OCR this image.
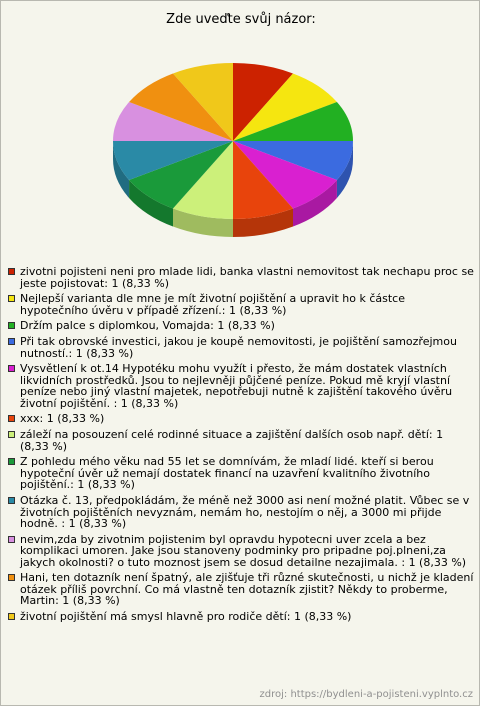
Zde uveďte svůj názor:
zivotni pojisteni neni pro mlade lidi, banka vlastni nemovitost tak nechapu proc se jeste pojistovat: 1 (8,33 %)
Nejlepší varianta dle mne je mít životní pojištění a upravit ho k částce hypotečního úvěru v případě zřízení.: 1 (8,33 %)
Držím palce s diplomkou, Vomajda: 1 (8,33 %)
Při tak obrovské investici, jakou je koupě nemovitosti, je pojištění samozřejmou nutností.: 1 (8,33 %)
Vysvětlení k ot.14 Hypotéku mohu využít i přesto, že mám dostatek vlastních likvidních prostředků. Jsou to nejlevněji půjčené peníze. Pokud mě kryjí vlastní peníze nebo jiný vlastní majetek, nepotřebuji nutně k zajištění takového úvěru životní pojištění. : 1 (8,33 %)
xxx: 1 (8,33 %)
záleží na posouzení celé rodinné situace a zajištění dalších osob např. dětí: 1 (8,33 %)
Z pohledu mého věku nad 55 let se domnívám, že mladí lidé. kteří si berou hypoteční úvěr už nemají dostatek financí na uzavření kvalitního životního pojištění.: 1 (8,33 %)
Otázka č. 13, předpokládám, že méně než 3000 asi není možné platit. Vůbec se v životních pojištěních nevyznám, nemám ho, nestojím o něj, a 3000 mi přijde hodně. : 1 (8,33 %)
nevim,zda by zivotnim pojistenim byl opravdu hypotecni uver zcela a bez komplikaci umoren. Jake jsou stanoveny podminky pro pripadne poj.plneni,za jakych okolnosti? o tuto moznost jsem se dosud detailne nezajimala. : 1 (8,33 %)
Hani, ten dotazník není špatný, ale zjišťuje tři různé skutečnosti, u nichž je kladení otázek příliš povrchní. Co má vlastně ten dotazník zjistit? Někdy to proberme, Martin: 1 (8,33 %)
životní pojištění má smysl hlavně pro rodiče dětí: 1 (8,33 %)
zdroj: https://bydleni-a-pojisteni.vyplnto.cz
